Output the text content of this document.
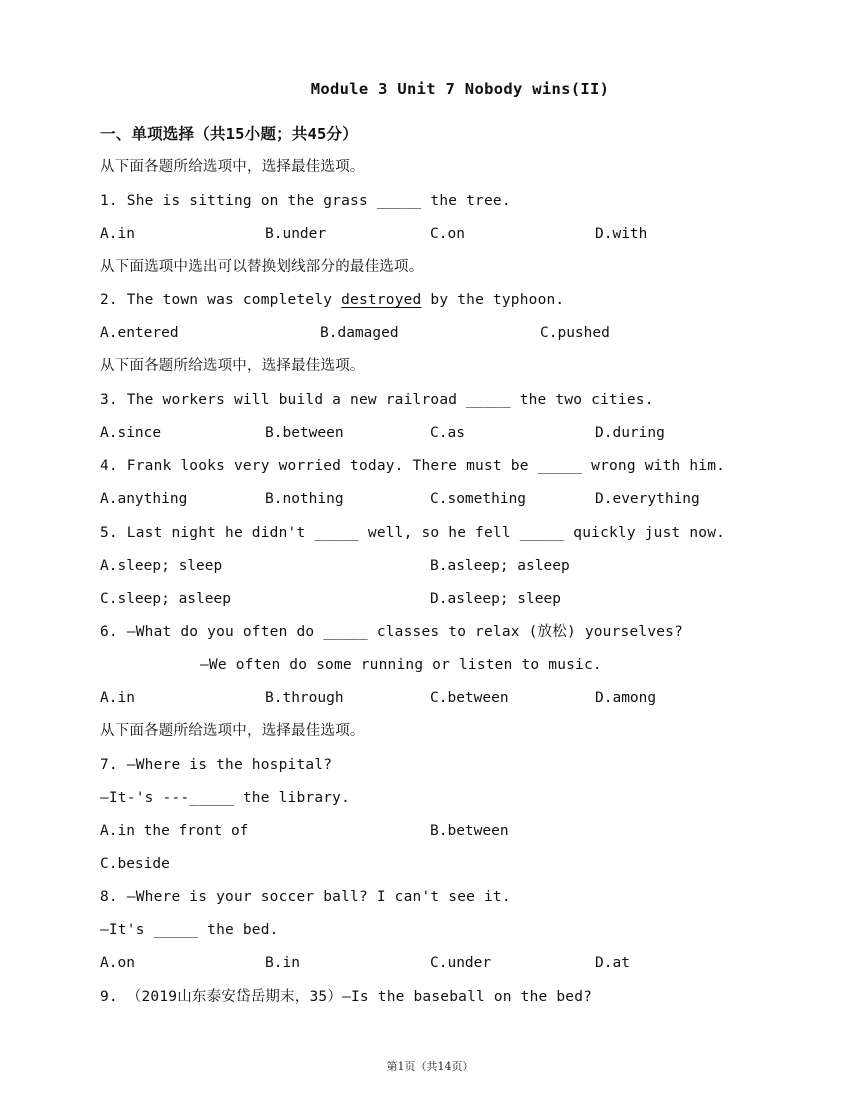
Module 3 Unit 7 Nobody wins(II)
一、单项选择（共15小题；共45分）
从下面各题所给选项中，选择最佳选项。
1. She is sitting on the grass _____ the tree.
A.in	B.under	C.on	D.with
从下面选项中选出可以替换划线部分的最佳选项。
2. The town was completely destroyed by the typhoon.
A.entered	B.damaged	C.pushed
从下面各题所给选项中，选择最佳选项。
3. The workers will build a new railroad _____ the two cities.
A.since	B.between	C.as	D.during
4. Frank looks very worried today. There must be _____ wrong with him.
A.anything	B.nothing	C.something	D.everything
5. Last night he didn't _____ well, so he fell _____ quickly just now.
A.sleep; sleep	B.asleep; asleep
C.sleep; asleep	D.asleep; sleep
6. —What do you often do _____ classes to relax (放松) yourselves?
—We often do some running or listen to music.
A.in	B.through	C.between	D.among
从下面各题所给选项中，选择最佳选项。
7. —Where is the hospital?
—It-'s ---_____ the library.
A.in the front of	B.between
C.beside
8. —Where is your soccer ball? I can't see it.
—It's _____ the bed.
A.on	B.in	C.under	D.at
9. （2019山东泰安岱岳期末，35）—Is the baseball on the bed?
第1页（共14页）
